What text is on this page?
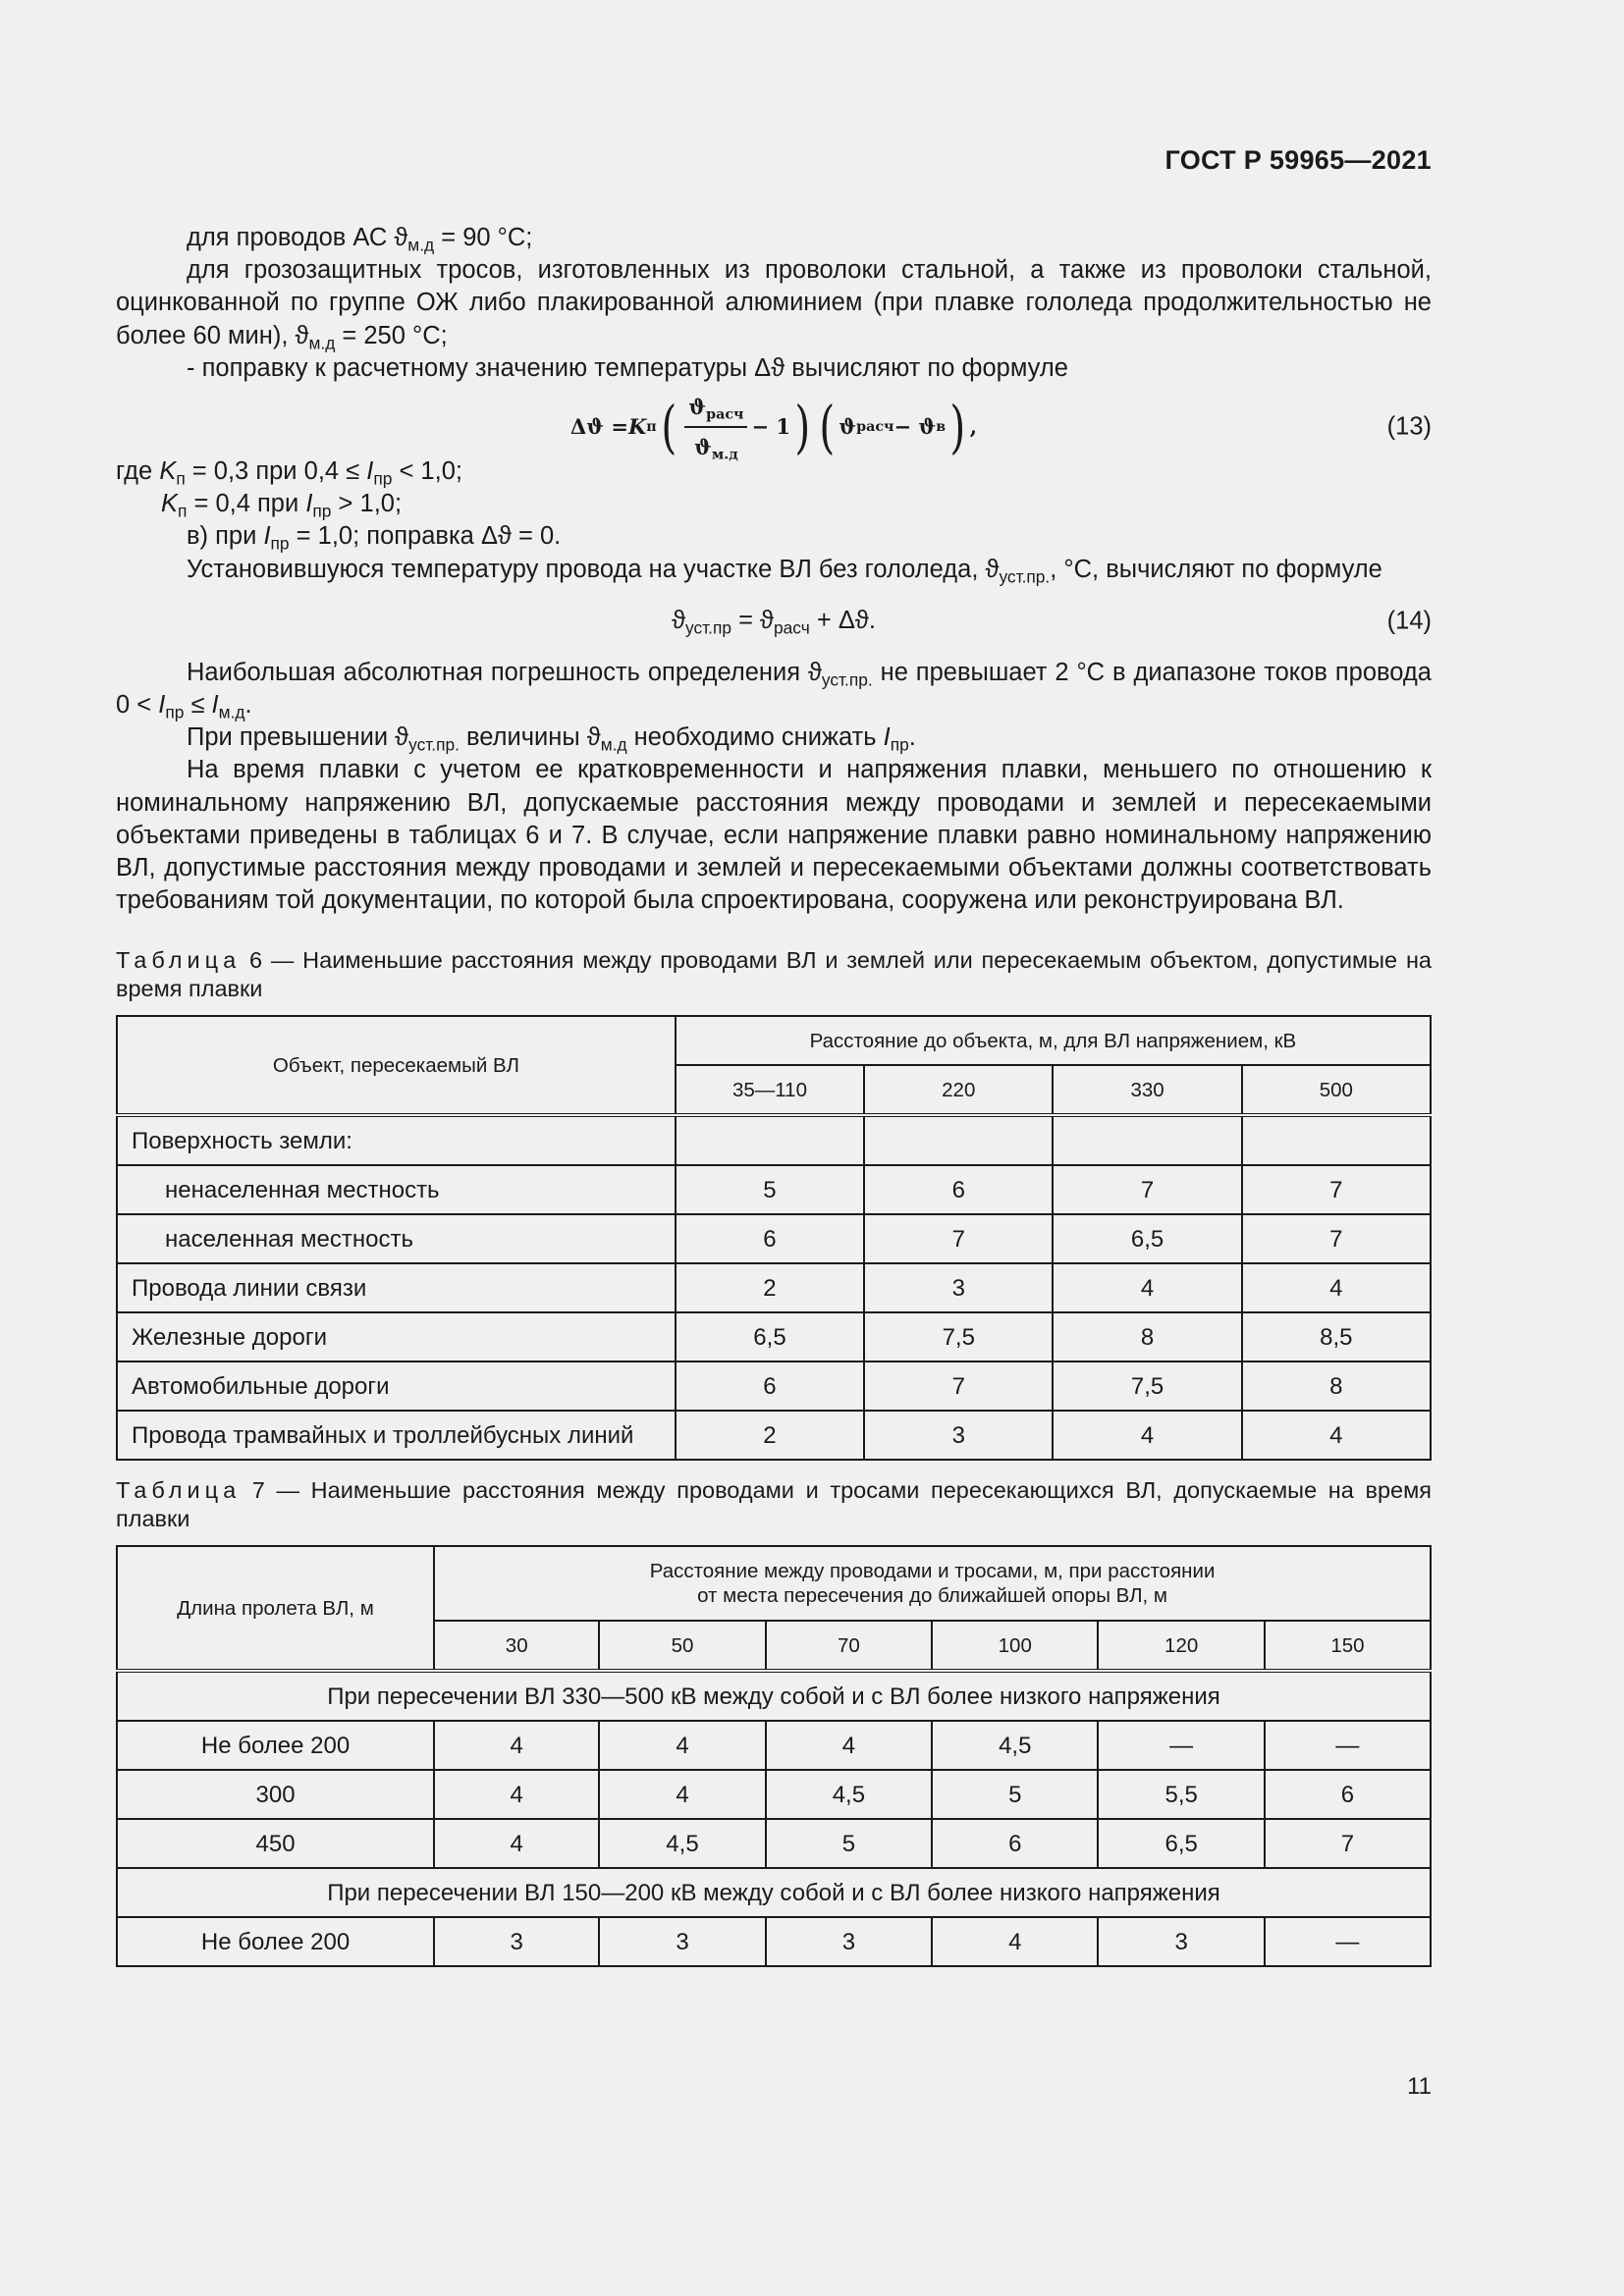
ГОСТ Р 59965—2021

для проводов АС $ϑ_{м.д} = 90$ °C;

для грозозащитных тросов, изготовленных из проволоки стальной, а также из проволоки стальной, оцинкованной по группе ОЖ либо плакированной алюминием (при плавке гололеда продолжительностью не более 60 мин), $ϑ_{м.д} = 250$ °C;

- поправку к расчетному значению температуры Δϑ вычисляют по формуле

Δϑ = K п ( $\frac{ϑ_{расч}}{ϑ_{м.д}} - 1$ ) ( ϑ расч − ϑ в ) ,	(13)

где $K_п = 0,3$ при $0,4 \le I_{пр} < 1,0$;

$K_п = 0,4$ при $I_{пр} > 1,0$;

в) при $I_{пр} = 1,0$; поправка Δϑ = 0.

Установившуюся температуру провода на участке ВЛ без гололеда, $ϑ_{уст.пр.}$, °C, вычисляют по формуле

$ϑ_{уст.пр} = ϑ_{расч} + \Delta ϑ$.	(14)

Наибольшая абсолютная погрешность определения $ϑ_{уст.пр.}$ не превышает 2 °C в диапазоне токов провода $0 < I_{пр} \le I_{м.д}$.

При превышении $ϑ_{уст.пр.}$ величины $ϑ_{м.д}$ необходимо снижать $I_{пр}$.

На время плавки с учетом ее кратковременности и напряжения плавки, меньшего по отношению к номинальному напряжению ВЛ, допускаемые расстояния между проводами и землей и пересекаемыми объектами приведены в таблицах 6 и 7. В случае, если напряжение плавки равно номинальному напряжению ВЛ, допустимые расстояния между проводами и землей и пересекаемыми объектами должны соответствовать требованиям той документации, по которой была спроектирована, сооружена или реконструирована ВЛ.

Таблица 6 — Наименьшие расстояния между проводами ВЛ и землей или пересекаемым объектом, допустимые на время плавки

Объект, пересекаемый ВЛ	Расстояние до объекта, м, для ВЛ напряжением, кВ			
	35—110	220	330	500
Поверхность земли:				
ненаселенная местность	5	6	7	7
населенная местность	6	7	6,5	7
Провода линии связи	2	3	4	4
Железные дороги	6,5	7,5	8	8,5
Автомобильные дороги	6	7	7,5	8
Провода трамвайных и троллейбусных линий	2	3	4	4

Таблица 7 — Наименьшие расстояния между проводами и тросами пересекающихся ВЛ, допускаемые на время плавки

Длина пролета ВЛ, м	Расстояние между проводами и тросами, м, при расстоянии
от места пересечения до ближайшей опоры ВЛ, м					
	30	50	70	100	120	150
При пересечении ВЛ 330—500 кВ между собой и с ВЛ более низкого напряжения						
Не более 200	4	4	4	4,5	—	—
300	4	4	4,5	5	5,5	6
450	4	4,5	5	6	6,5	7
При пересечении ВЛ 150—200 кВ между собой и с ВЛ более низкого напряжения						
Не более 200	3	3	3	4	3	—
11
